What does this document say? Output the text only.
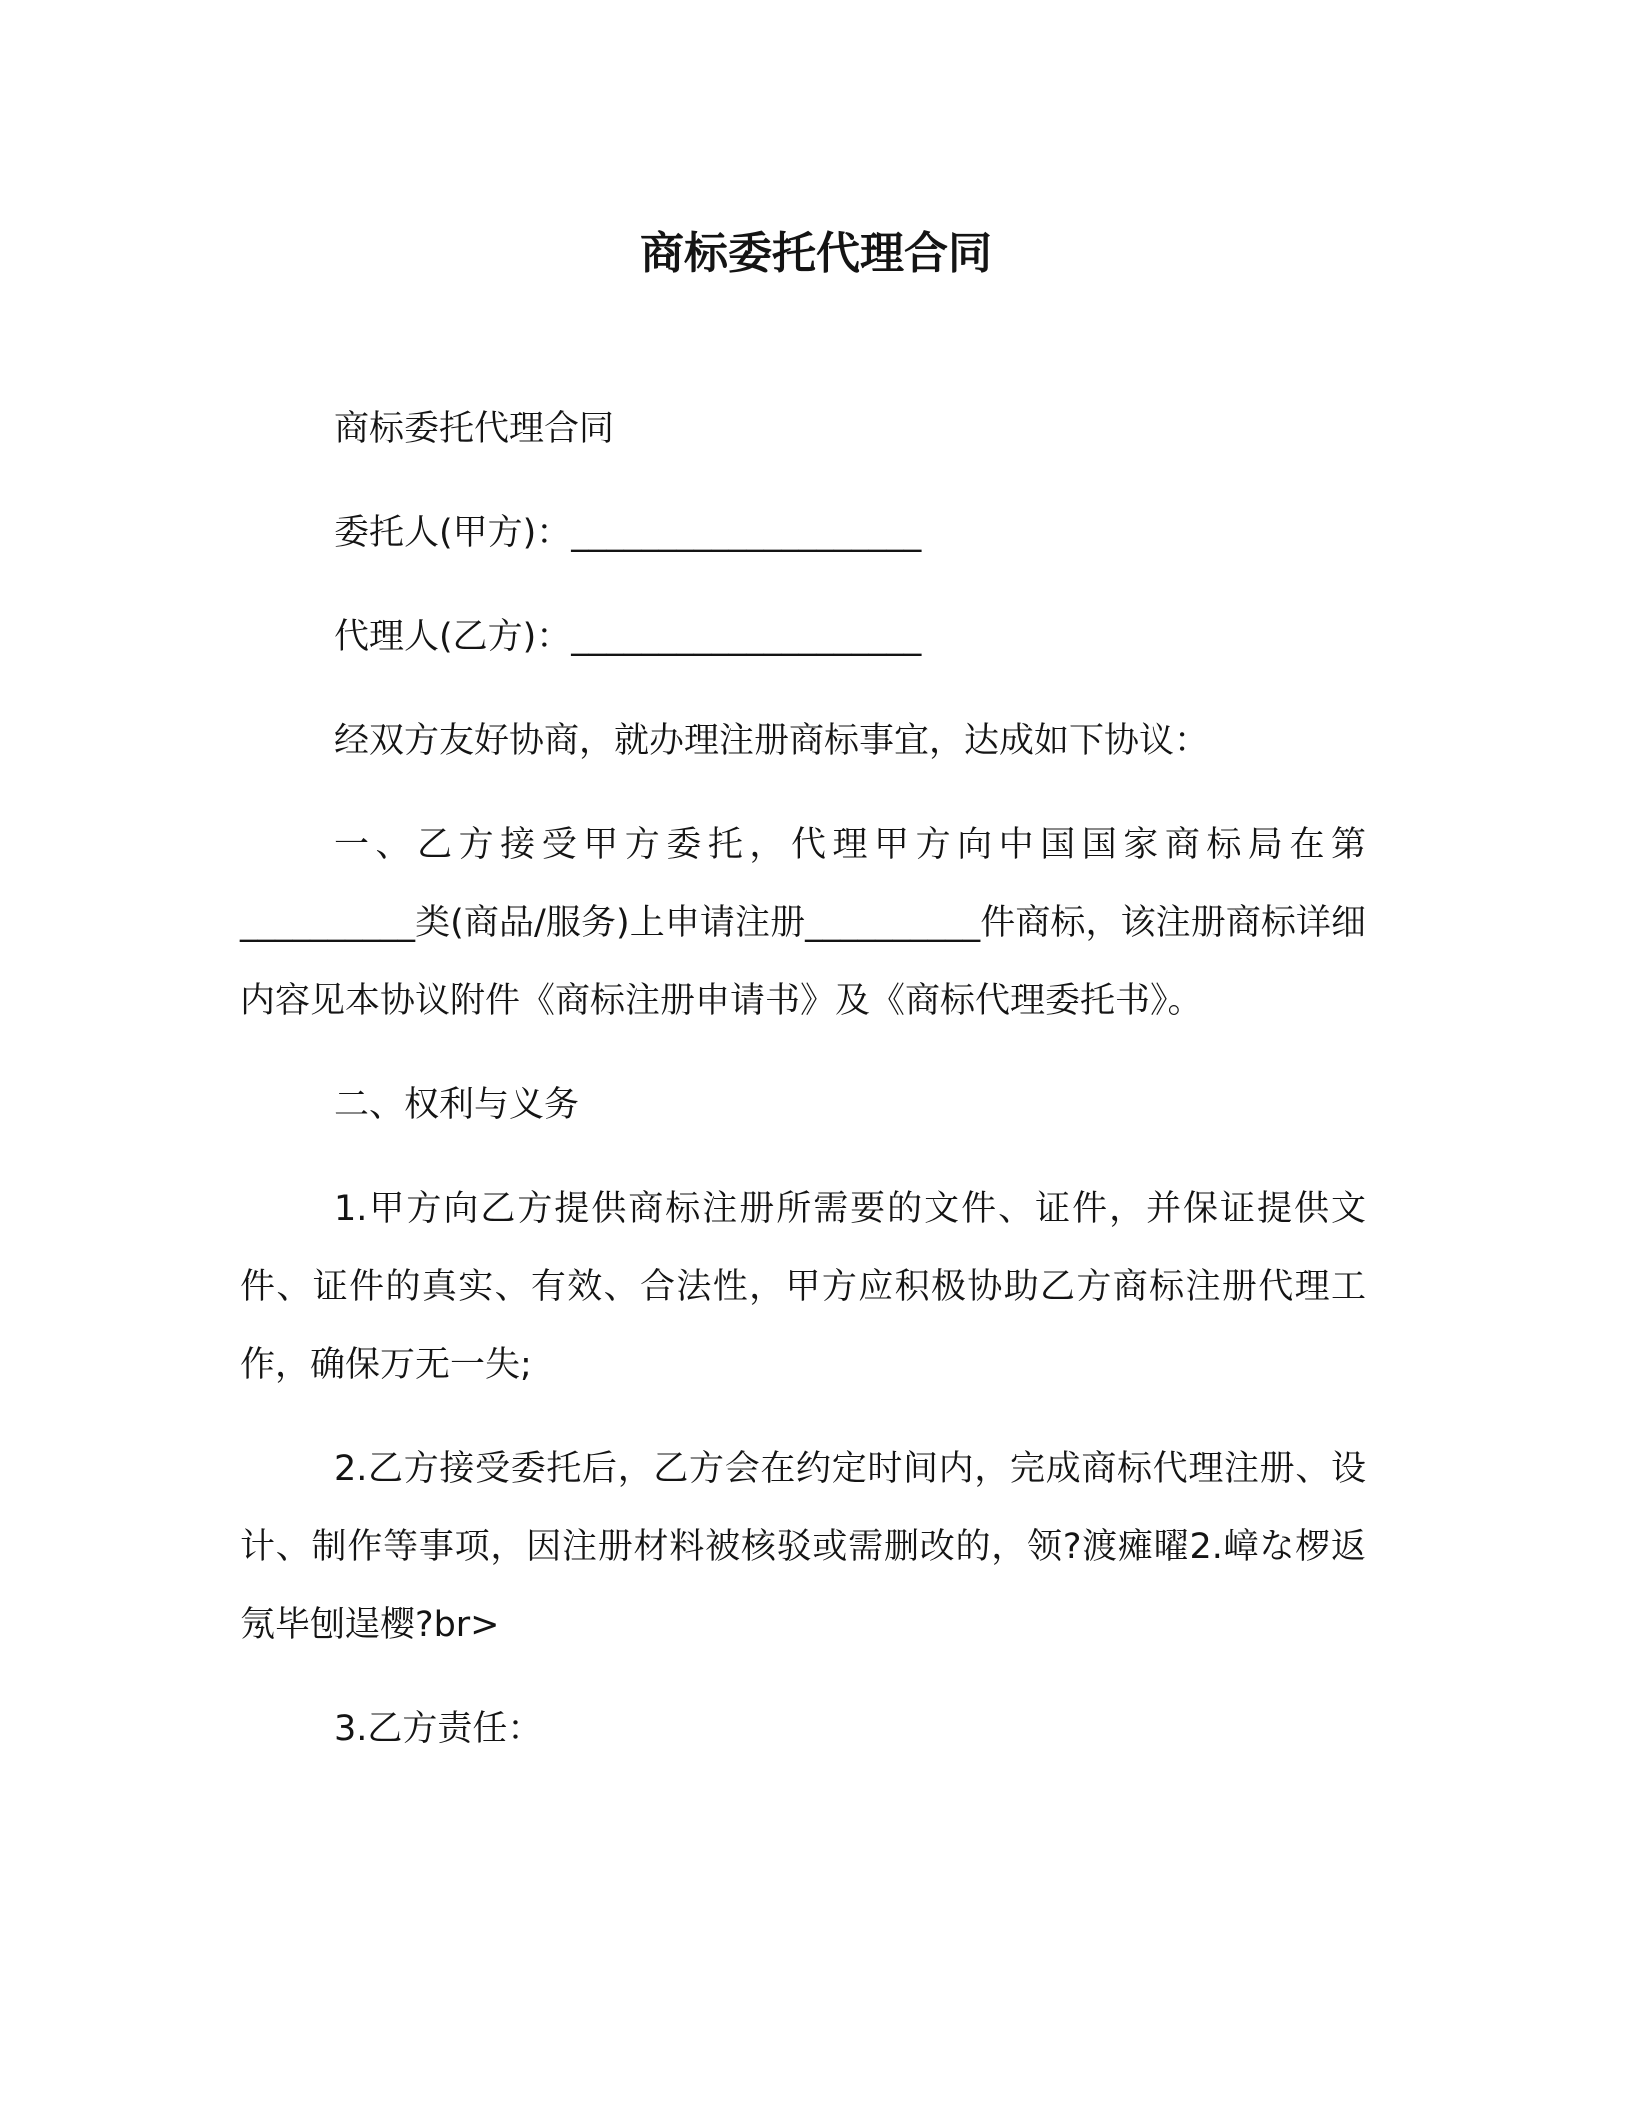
商标委托代理合同

商标委托代理合同

委托人(甲方)：____________________

代理人(乙方)：____________________

经双方友好协商，就办理注册商标事宜，达成如下协议：

一、乙方接受甲方委托，代理甲方向中国国家商标局在第__________类(商品/服务)上申请注册__________件商标，该注册商标详细内容见本协议附件《商标注册申请书》及《商标代理委托书》。

二、权利与义务

1.甲方向乙方提供商标注册所需要的文件、证件，并保证提供文件、证件的真实、有效、合法性，甲方应积极协助乙方商标注册代理工作，确保万无一失;

2.乙方接受委托后，乙方会在约定时间内，完成商标代理注册、设计、制作等事项，因注册材料被核驳或需删改的，领?渡瘫曜2.嶂な椤返氖毕刨逞樱?br>

3.乙方责任：
